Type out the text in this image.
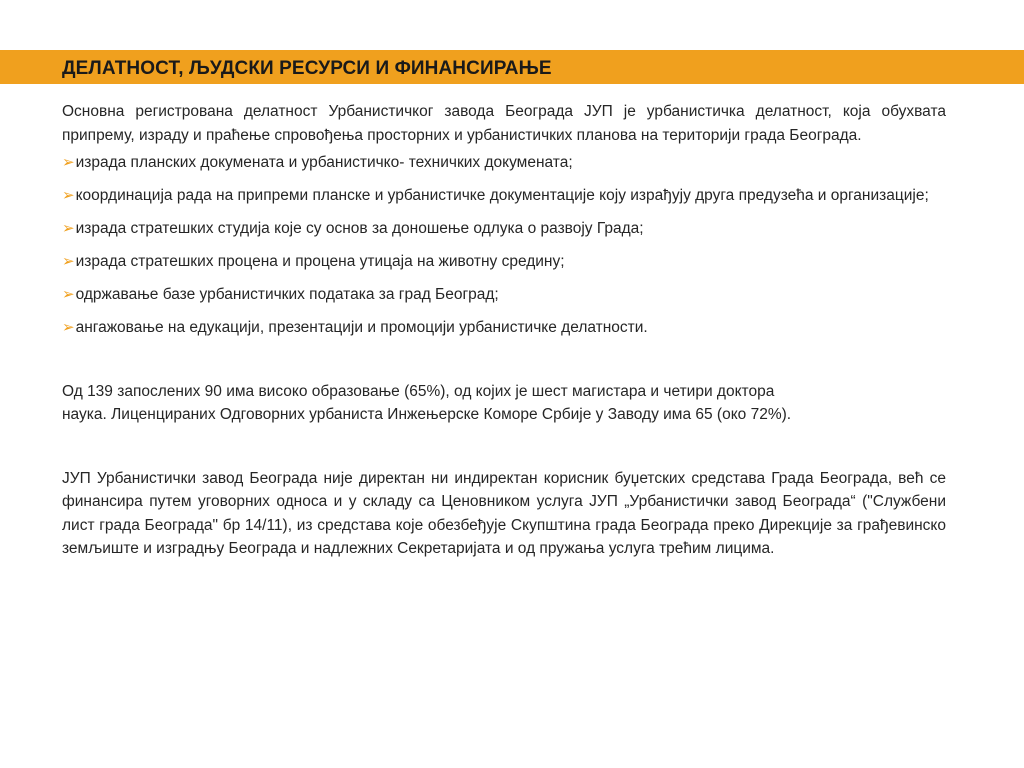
ДЕЛАТНОСТ, ЉУДСКИ РЕСУРСИ И ФИНАНСИРАЊЕ

Основна регистрована делатност Урбанистичког завода Београда ЈУП је урбанистичка делатност, која обухвата припрему, израду и праћење спровођења просторних и урбанистичких планова на територији града Београда.

➢израда планских докумената и урбанистичко- техничких докумената;
➢координација рада на припреми планске и урбанистичке документације коју израђују друга предузећа и организације;
➢израда стратешких студија које су основ за доношење одлука о развоју Града;
➢израда стратешких процена и процена утицаја на животну средину;
➢одржавање базе урбанистичких података за град Београд;
➢ангажовање на едукацији, презентацији и промоцији урбанистичке делатности.

Од 139 запослених 90 има високо образовање (65%), од којих је шест магистара и четири доктора
наука. Лиценцираних Одговорних урбаниста Инжењерске Коморе Србије у Заводу има 65 (око 72%).

ЈУП Урбанистички завод Београда није директан ни индиректан корисник буџетских средстава Града Београда, већ се финансира путем уговорних односа и у складу са Ценовником услуга ЈУП „Урбанистички завод Београда“ ("Службени лист града Београда" бр 14/11), из средстава које обезбеђује Скупштина града Београда преко Дирекције за грађевинско земљиште и изградњу Београда и надлежних Секретаријата и од пружања услуга трећим лицима.
